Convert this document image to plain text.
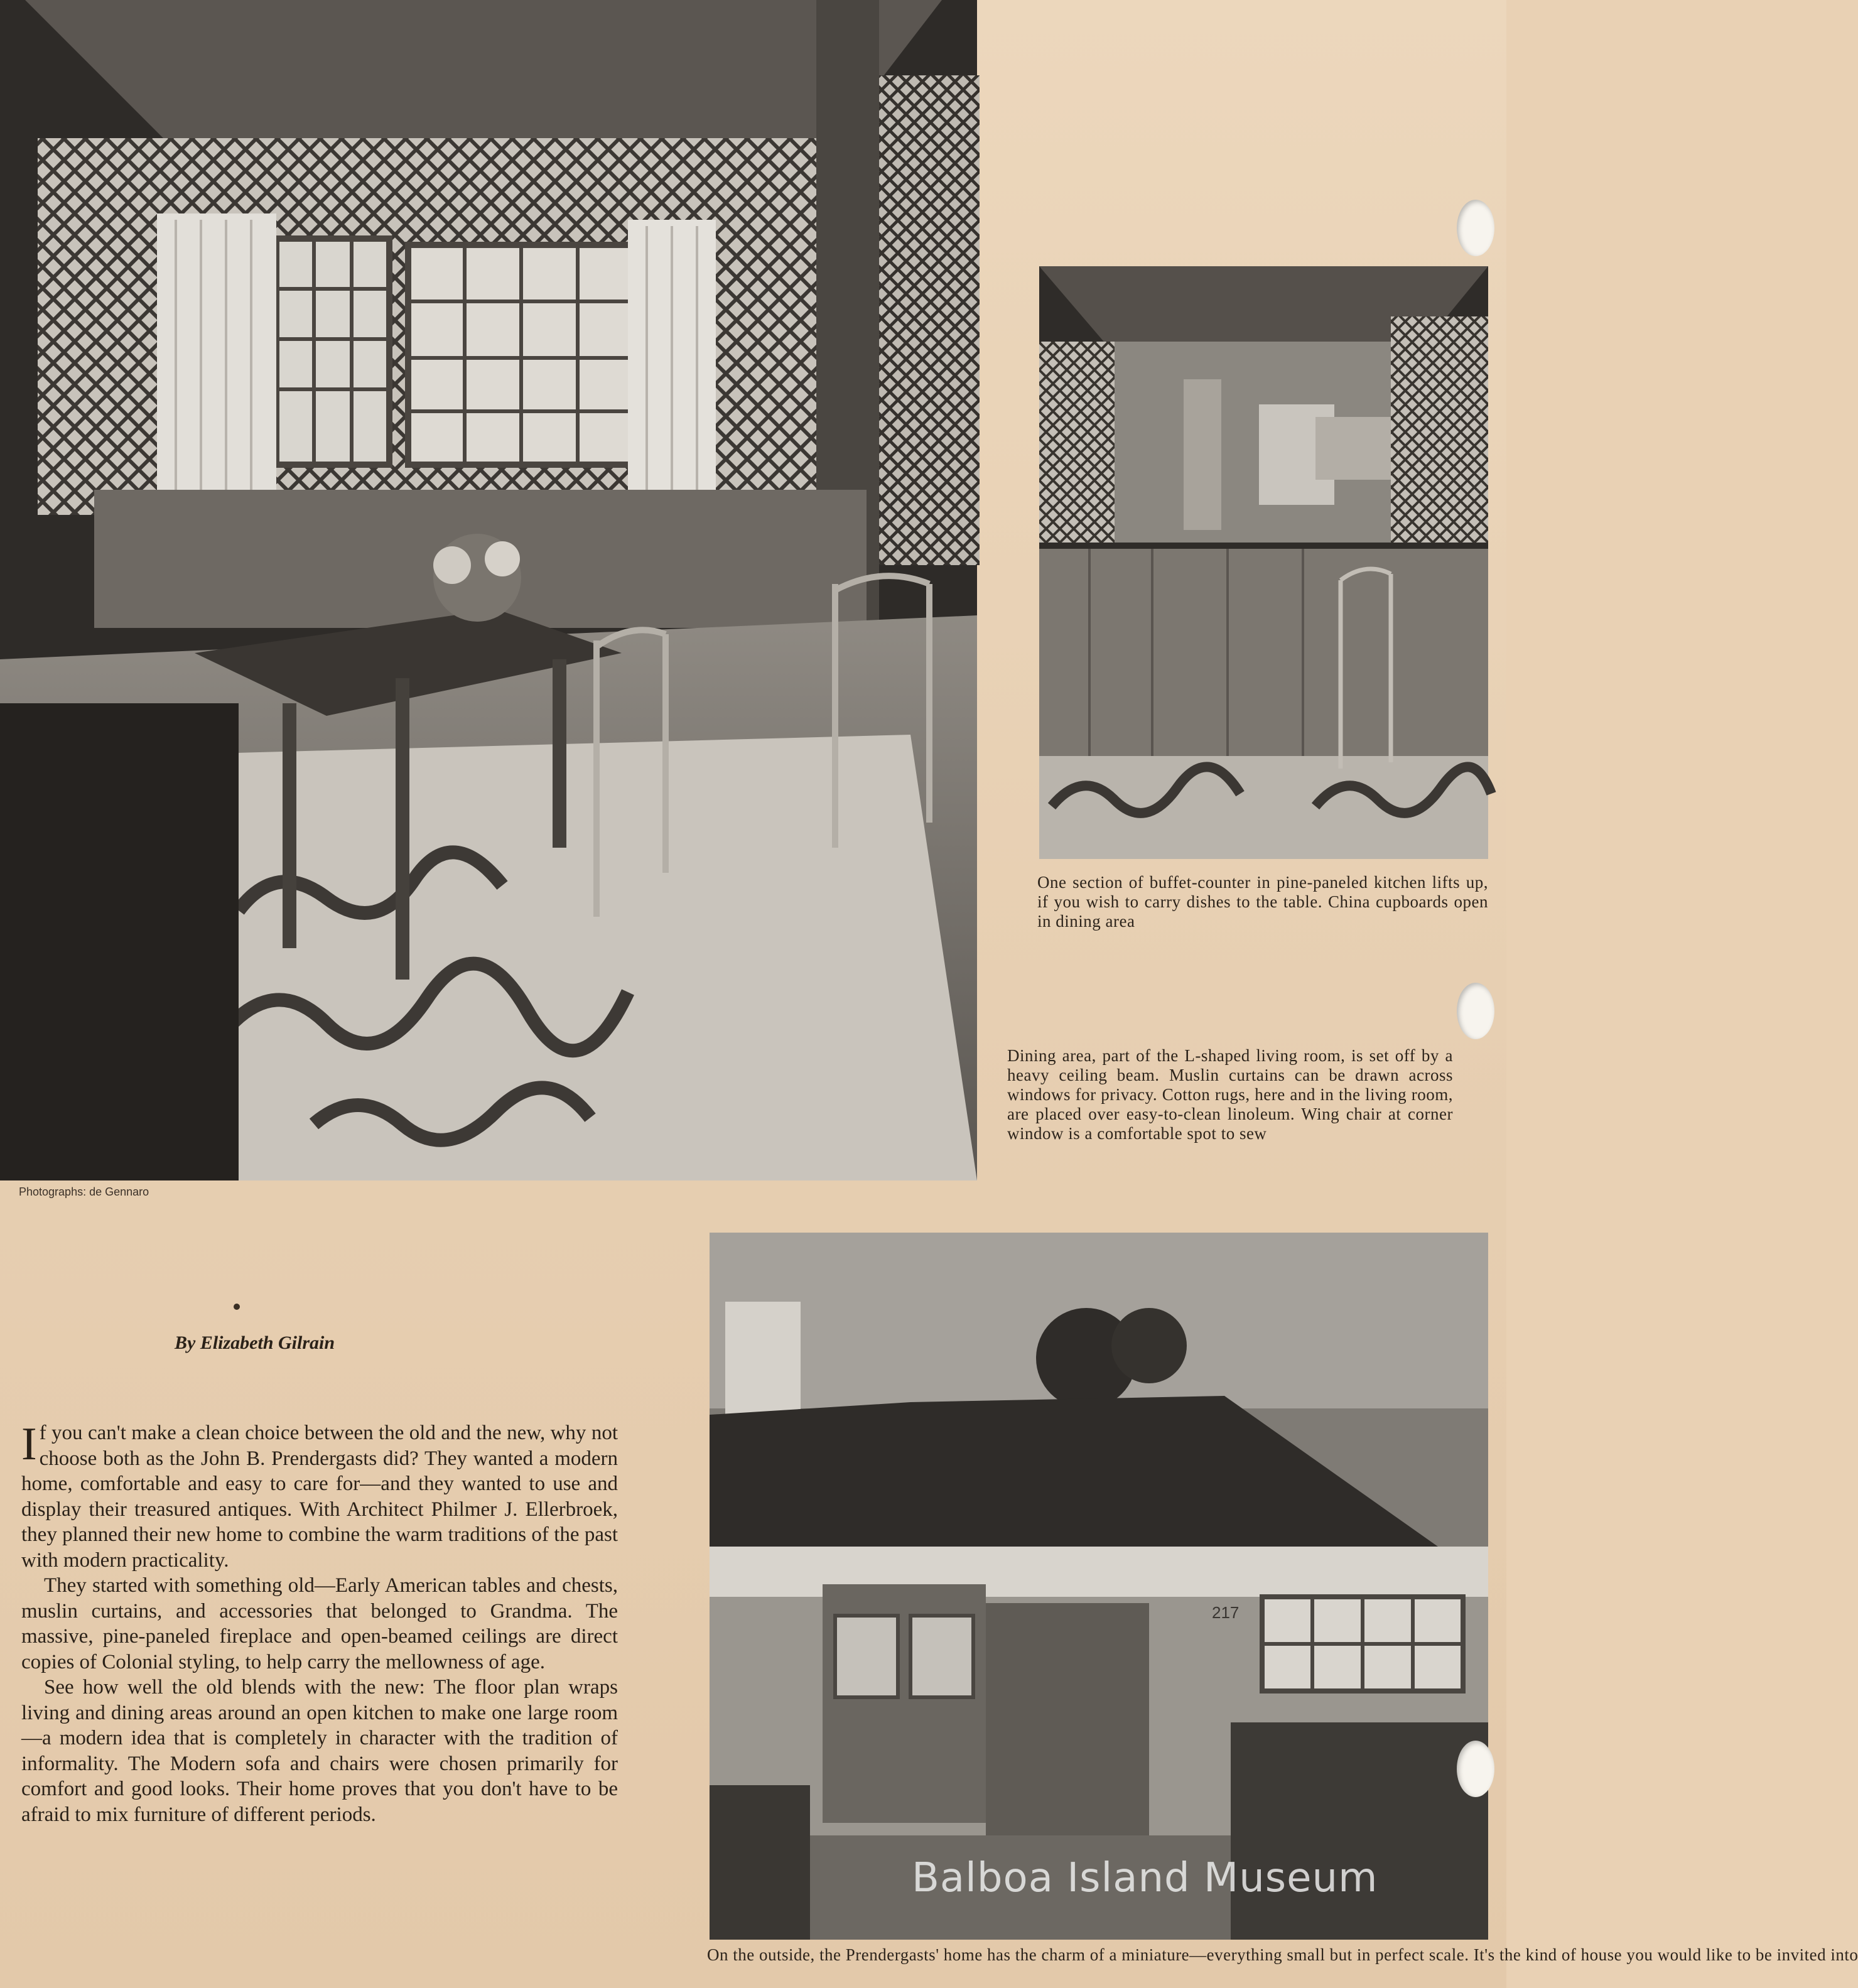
217
Photographs: de Gennaro
One section of buffet-counter in pine-paneled kitchen lifts up, if you wish to carry dishes to the table. China cupboards open in dining area
Dining area, part of the L-shaped living room, is set off by a heavy ceiling beam. Muslin curtains can be drawn across windows for privacy. Cotton rugs, here and in the living room, are placed over easy-to-clean linoleum. Wing chair at corner window is a comfortable spot to sew
On the outside, the Prendergasts' home has the charm of a miniature—everything small but in perfect scale. It's the kind of house you would like to be invited into
By Elizabeth Gilrain

If you can't make a clean choice between the old and the new, why not choose both as the John B. Prendergasts did? They wanted a modern home, comfortable and easy to care for—and they wanted to use and display their treasured antiques. With Architect Philmer J. Ellerbroek, they planned their new home to combine the warm traditions of the past with modern practicality.

They started with something old—Early American tables and chests, muslin curtains, and accessories that belonged to Grandma. The massive, pine-paneled fireplace and open-beamed ceilings are direct copies of Colonial styling, to help carry the mellowness of age.

See how well the old blends with the new: The floor plan wraps living and dining areas around an open kitchen to make one large room—a modern idea that is completely in character with the tradition of informality. The Modern sofa and chairs were chosen primarily for comfort and good looks. Their home proves that you don't have to be afraid to mix furniture of different periods.

Balboa Island Museum
